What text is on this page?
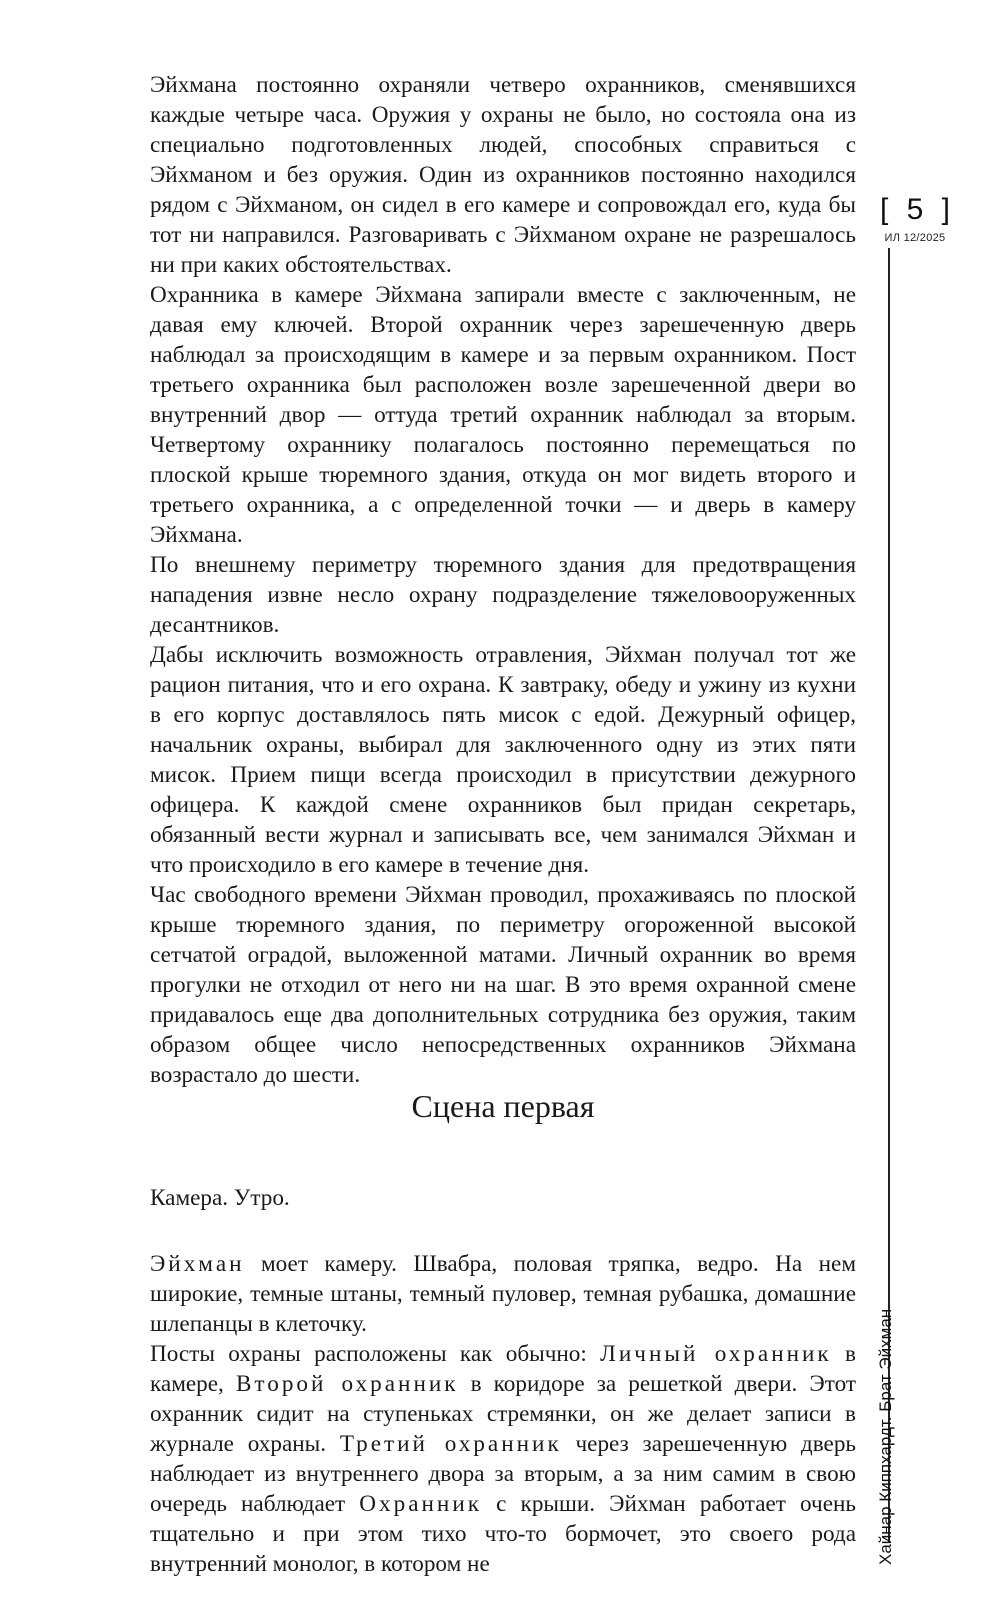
Эйхмана постоянно охраняли четверо охранников, сменявшихся каждые четыре часа. Оружия у охраны не было, но состояла она из специально подготовленных людей, способных справиться с Эйхманом и без оружия. Один из охранников постоянно находился рядом с Эйхманом, он сидел в его камере и сопровождал его, куда бы тот ни направился. Разговаривать с Эйхманом охране не разрешалось ни при каких обстоятельствах.

Охранника в камере Эйхмана запирали вместе с заключенным, не давая ему ключей. Второй охранник через зарешеченную дверь наблюдал за происходящим в камере и за первым охранником. Пост третьего охранника был расположен возле зарешеченной двери во внутренний двор — оттуда третий охранник наблюдал за вторым. Четвертому охраннику полагалось постоянно перемещаться по плоской крыше тюремного здания, откуда он мог видеть второго и третьего охранника, а с определенной точки — и дверь в камеру Эйхмана.

По внешнему периметру тюремного здания для предотвращения нападения извне несло охрану подразделение тяжеловооруженных десантников.

Дабы исключить возможность отравления, Эйхман получал тот же рацион питания, что и его охрана. К завтраку, обеду и ужину из кухни в его корпус доставлялось пять мисок с едой. Дежурный офицер, начальник охраны, выбирал для заключенного одну из этих пяти мисок. Прием пищи всегда происходил в присутствии дежурного офицера. К каждой смене охранников был придан секретарь, обязанный вести журнал и записывать все, чем занимался Эйхман и что происходило в его камере в течение дня.

Час свободного времени Эйхман проводил, прохаживаясь по плоской крыше тюремного здания, по периметру огороженной высокой сетчатой оградой, выложенной матами. Личный охранник во время прогулки не отходил от него ни на шаг. В это время охранной смене придавалось еще два дополнительных сотрудника без оружия, таким образом общее число непосредственных охранников Эйхмана возрастало до шести.

Сцена первая
Камера. Утро.

Эйхман моет камеру. Швабра, половая тряпка, ведро. На нем широкие, темные штаны, темный пуловер, темная рубашка, домашние шлепанцы в клеточку.

Посты охраны расположены как обычно: Личный охранник в камере, Второй охранник в коридоре за решеткой двери. Этот охранник сидит на ступеньках стремянки, он же делает записи в журнале охраны. Третий охранник через зарешеченную дверь наблюдает из внутреннего двора за вторым, а за ним самим в свою очередь наблюдает Охранник с крыши. Эйхман работает очень тщательно и при этом тихо что-то бормочет, это своего рода внутренний монолог, в котором не

[ 5 ]
ИЛ 12/2025
Хайнар Киппхардт. Брат Эйхман
